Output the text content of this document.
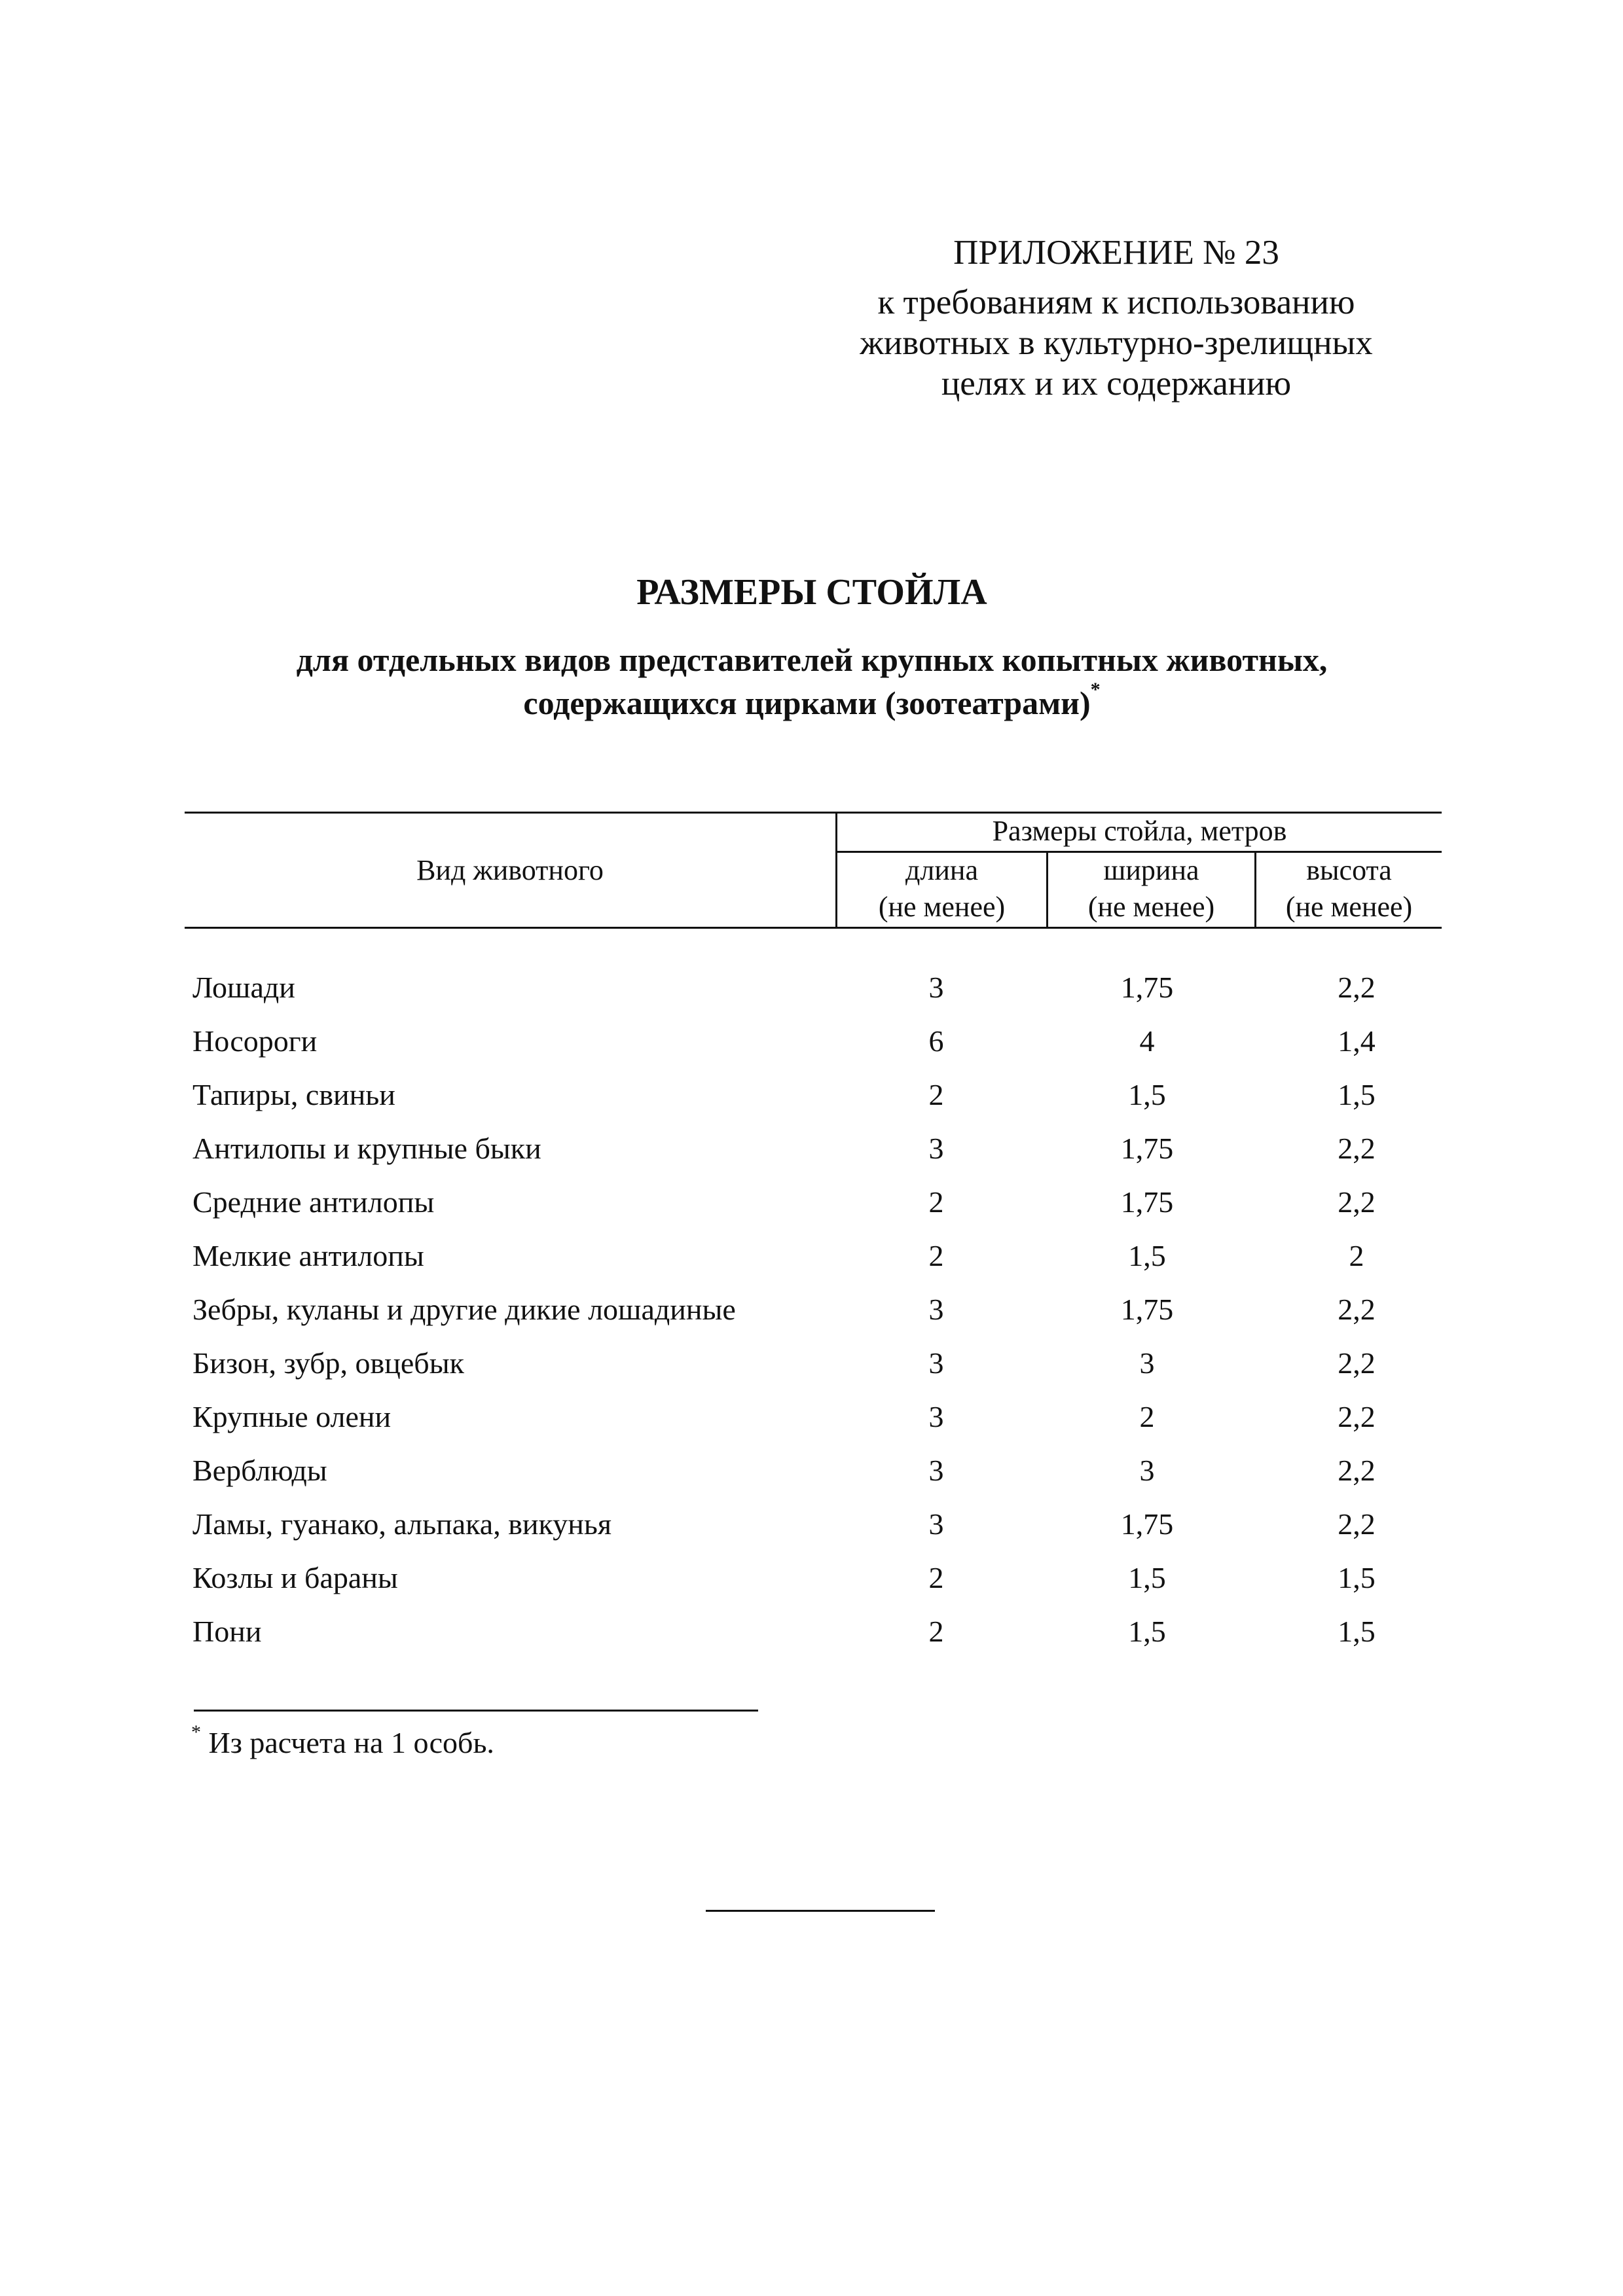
ПРИЛОЖЕНИЕ № 23
к требованиям к использованию
животных в культурно-зрелищных
целях и их содержанию
РАЗМЕРЫ СТОЙЛА
для отдельных видов представителей крупных копытных животных,
содержащихся цирками (зоотеатрами)*
Вид животного
Размеры стойла, метров
длина
(не менее)
ширина
(не менее)
высота
(не менее)
Лошади	3	1,75	2,2
Носороги	6	4	1,4
Тапиры, свиньи	2	1,5	1,5
Антилопы и крупные быки	3	1,75	2,2
Средние антилопы	2	1,75	2,2
Мелкие антилопы	2	1,5	2
Зебры, куланы и другие дикие лошадиные	3	1,75	2,2
Бизон, зубр, овцебык	3	3	2,2
Крупные олени	3	2	2,2
Верблюды	3	3	2,2
Ламы, гуанако, альпака, викунья	3	1,75	2,2
Козлы и бараны	2	1,5	1,5
Пони	2	1,5	1,5
* Из расчета на 1 особь.
